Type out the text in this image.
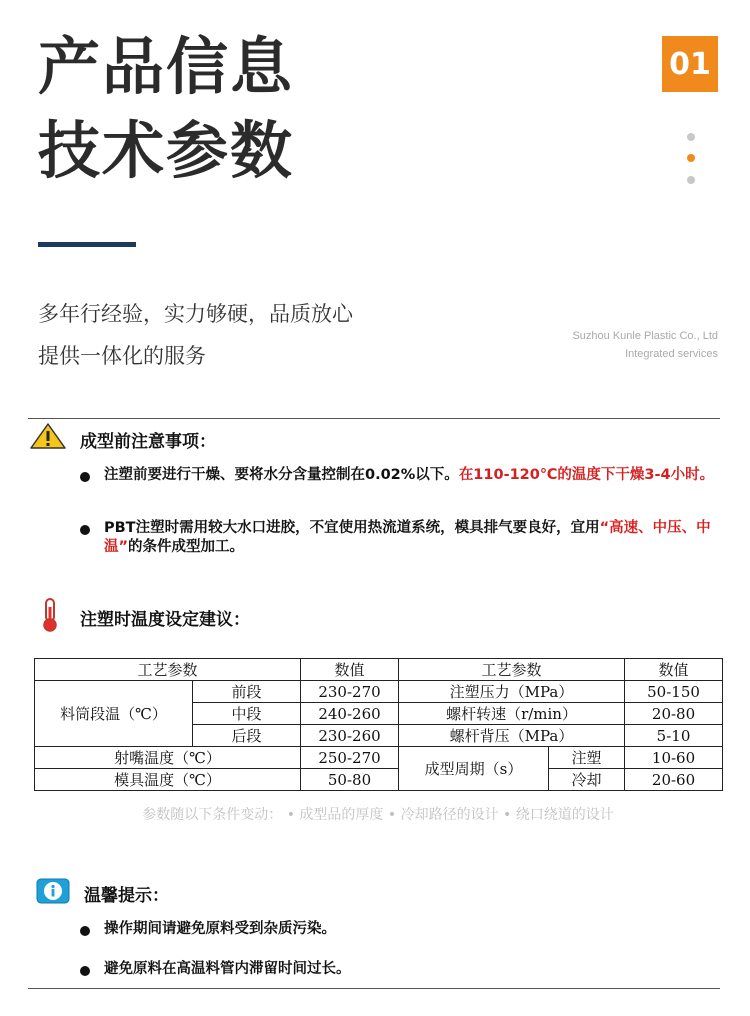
产品信息
技术参数
01
多年行经验，实力够硬，品质放心
提供一体化的服务
Suzhou Kunle Plastic Co., Ltd
Integrated services
成型前注意事项：
注塑前要进行干燥、要将水分含量控制在0.02%以下。在110-120℃的温度下干燥3-4小时。
PBT注塑时需用较大水口进胶，不宜使用热流道系统，模具排气要良好，宜用“高速、中压、中温”的条件成型加工。
注塑时温度设定建议：
工艺参数		数值	工艺参数		数值
料筒段温（℃）	前段	230-270	注塑压力（MPa）		50-150
	中段	240-260	螺杆转速（r/min）		20-80
	后段	230-260	螺杆背压（MPa）		5-10
射嘴温度（℃）		250-270	成型周期（s）	注塑	10-60
模具温度（℃）		50-80		冷却	20-60
参数随以下条件变动： • 成型品的厚度 • 冷却路径的设计 • 绕口绕道的设计
温馨提示：
操作期间请避免原料受到杂质污染。
避免原料在高温料管内滞留时间过长。
